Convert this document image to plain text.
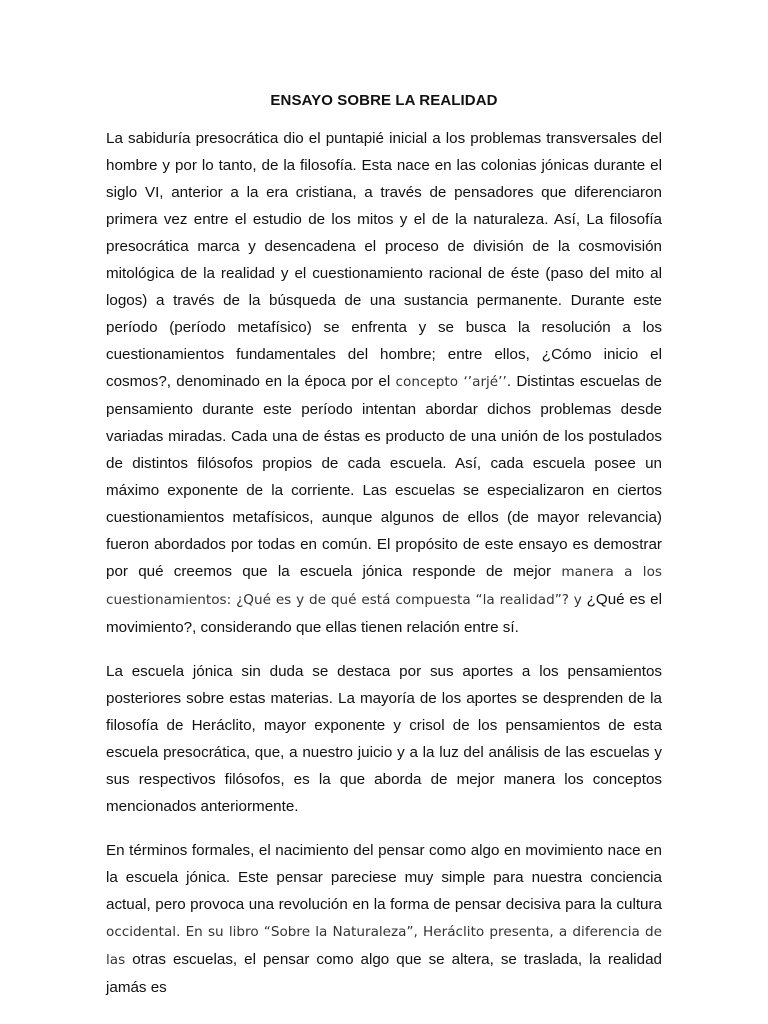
ENSAYO SOBRE LA REALIDAD

La sabiduría presocrática dio el puntapié inicial a los problemas transversales del hombre y por lo tanto, de la filosofía. Esta nace en las colonias jónicas durante el siglo VI, anterior a la era cristiana, a través de pensadores que diferenciaron primera vez entre el estudio de los mitos y el de la naturaleza. Así, La filosofía presocrática marca y desencadena el proceso de división de la cosmovisión mitológica de la realidad y el cuestionamiento racional de éste (paso del mito al logos) a través de la búsqueda de una sustancia permanente. Durante este período (período metafísico) se enfrenta y se busca la resolución a los cuestionamientos fundamentales del hombre; entre ellos, ¿Cómo inicio el cosmos?, denominado en la época por el concepto ‘’arjé’’. Distintas escuelas de pensamiento durante este período intentan abordar dichos problemas desde variadas miradas. Cada una de éstas es producto de una unión de los postulados de distintos filósofos propios de cada escuela. Así, cada escuela posee un máximo exponente de la corriente. Las escuelas se especializaron en ciertos cuestionamientos metafísicos, aunque algunos de ellos (de mayor relevancia) fueron abordados por todas en común. El propósito de este ensayo es demostrar por qué creemos que la escuela jónica responde de mejor manera a los cuestionamientos: ¿Qué es y de qué está compuesta “la realidad”? y ¿Qué es el movimiento?, considerando que ellas tienen relación entre sí.

La escuela jónica sin duda se destaca por sus aportes a los pensamientos posteriores sobre estas materias. La mayoría de los aportes se desprenden de la filosofía de Heráclito, mayor exponente y crisol de los pensamientos de esta escuela presocrática, que, a nuestro juicio y a la luz del análisis de las escuelas y sus respectivos filósofos, es la que aborda de mejor manera los conceptos mencionados anteriormente.

En términos formales, el nacimiento del pensar como algo en movimiento nace en la escuela jónica. Este pensar pareciese muy simple para nuestra conciencia actual, pero provoca una revolución en la forma de pensar decisiva para la cultura occidental. En su libro “Sobre la Naturaleza”, Heráclito presenta, a diferencia de las otras escuelas, el pensar como algo que se altera, se traslada, la realidad jamás es
